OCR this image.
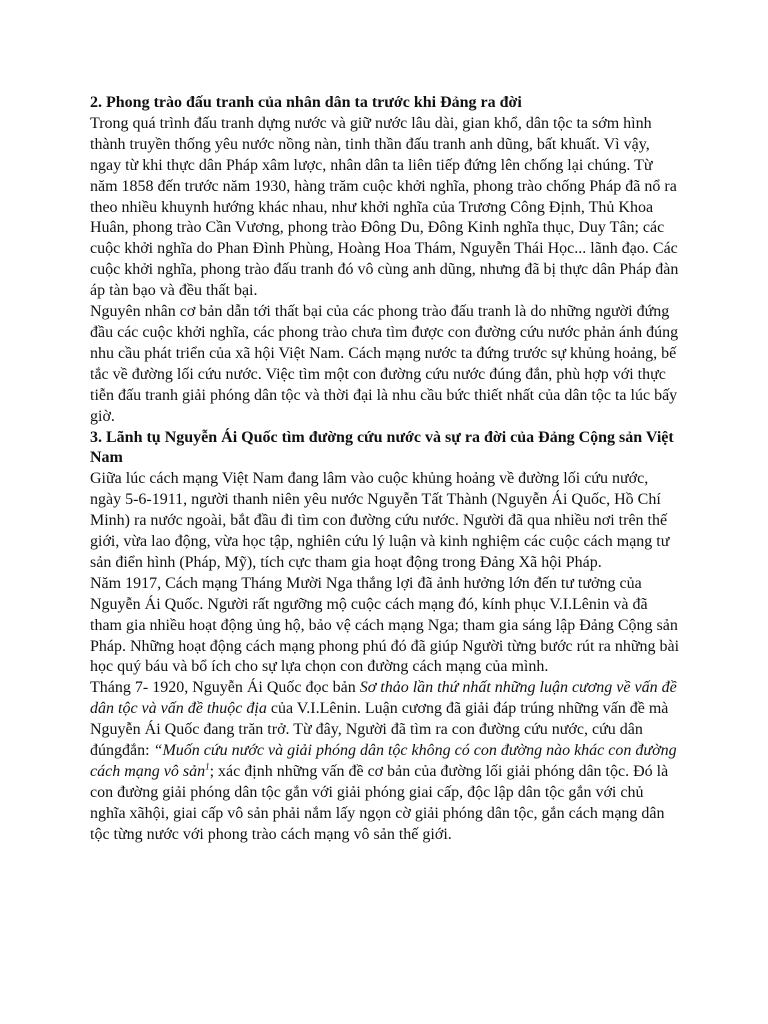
2. Phong trào đấu tranh của nhân dân ta trước khi Đảng ra đời

Trong quá trình đấu tranh dựng nước và giữ nước lâu dài, gian khổ, dân tộc ta sớm hình thành truyền thống yêu nước nồng nàn, tinh thần đấu tranh anh dũng, bất khuất. Vì vậy, ngay từ khi thực dân Pháp xâm lược, nhân dân ta liên tiếp đứng lên chống lại chúng. Từ năm 1858 đến trước năm 1930, hàng trăm cuộc khởi nghĩa, phong trào chống Pháp đã nổ ra theo nhiều khuynh hướng khác nhau, như khởi nghĩa của Trương Công Định, Thủ Khoa Huân, phong trào Cần Vương, phong trào Đông Du, Đông Kinh nghĩa thục, Duy Tân; các cuộc khởi nghĩa do Phan Đình Phùng, Hoàng Hoa Thám, Nguyễn Thái Học... lãnh đạo. Các cuộc khởi nghĩa, phong trào đấu tranh đó vô cùng anh dũng, nhưng đã bị thực dân Pháp đàn áp tàn bạo và đều thất bại.

Nguyên nhân cơ bản dẫn tới thất bại của các phong trào đấu tranh là do những người đứng đầu các cuộc khởi nghĩa, các phong trào chưa tìm được con đường cứu nước phản ánh đúng nhu cầu phát triển của xã hội Việt Nam. Cách mạng nước ta đứng trước sự khủng hoảng, bế tắc về đường lối cứu nước. Việc tìm một con đường cứu nước đúng đắn, phù hợp với thực tiễn đấu tranh giải phóng dân tộc và thời đại là nhu cầu bức thiết nhất của dân tộc ta lúc bấy giờ.

3. Lãnh tụ Nguyễn Ái Quốc tìm đường cứu nước và sự ra đời của Đảng Cộng sản Việt Nam

Giữa lúc cách mạng Việt Nam đang lâm vào cuộc khủng hoảng về đường lối cứu nước, ngày 5-6-1911, người thanh niên yêu nước Nguyễn Tất Thành (Nguyễn Ái Quốc, Hồ Chí Minh) ra nước ngoài, bắt đầu đi tìm con đường cứu nước. Người đã qua nhiều nơi trên thế giới, vừa lao động, vừa học tập, nghiên cứu lý luận và kinh nghiệm các cuộc cách mạng tư sản điển hình (Pháp, Mỹ), tích cực tham gia hoạt động trong Đảng Xã hội Pháp.

Năm 1917, Cách mạng Tháng Mười Nga thắng lợi đã ảnh hưởng lớn đến tư tưởng của Nguyễn Ái Quốc. Người rất ngưỡng mộ cuộc cách mạng đó, kính phục V.I.Lênin và đã tham gia nhiều hoạt động ủng hộ, bảo vệ cách mạng Nga; tham gia sáng lập Đảng Cộng sản Pháp. Những hoạt động cách mạng phong phú đó đã giúp Người từng bước rút ra những bài học quý báu và bổ ích cho sự lựa chọn con đường cách mạng của mình.

Tháng 7- 1920, Nguyễn Ái Quốc đọc bản Sơ thảo lần thứ nhất những luận cương về vấn đề dân tộc và vấn đề thuộc địa của V.I.Lênin. Luận cương đã giải đáp trúng những vấn đề mà Nguyễn Ái Quốc đang trăn trở. Từ đây, Người đã tìm ra con đường cứu nước, cứu dân đúngđắn: “Muốn cứu nước và giải phóng dân tộc không có con đường nào khác con đường cách mạng vô sản$^1$; xác định những vấn đề cơ bản của đường lối giải phóng dân tộc. Đó là con đường giải phóng dân tộc gắn với giải phóng giai cấp, độc lập dân tộc gắn với chủ nghĩa xãhội, giai cấp vô sản phải nắm lấy ngọn cờ giải phóng dân tộc, gắn cách mạng dân tộc từng nước với phong trào cách mạng vô sản thế giới.
